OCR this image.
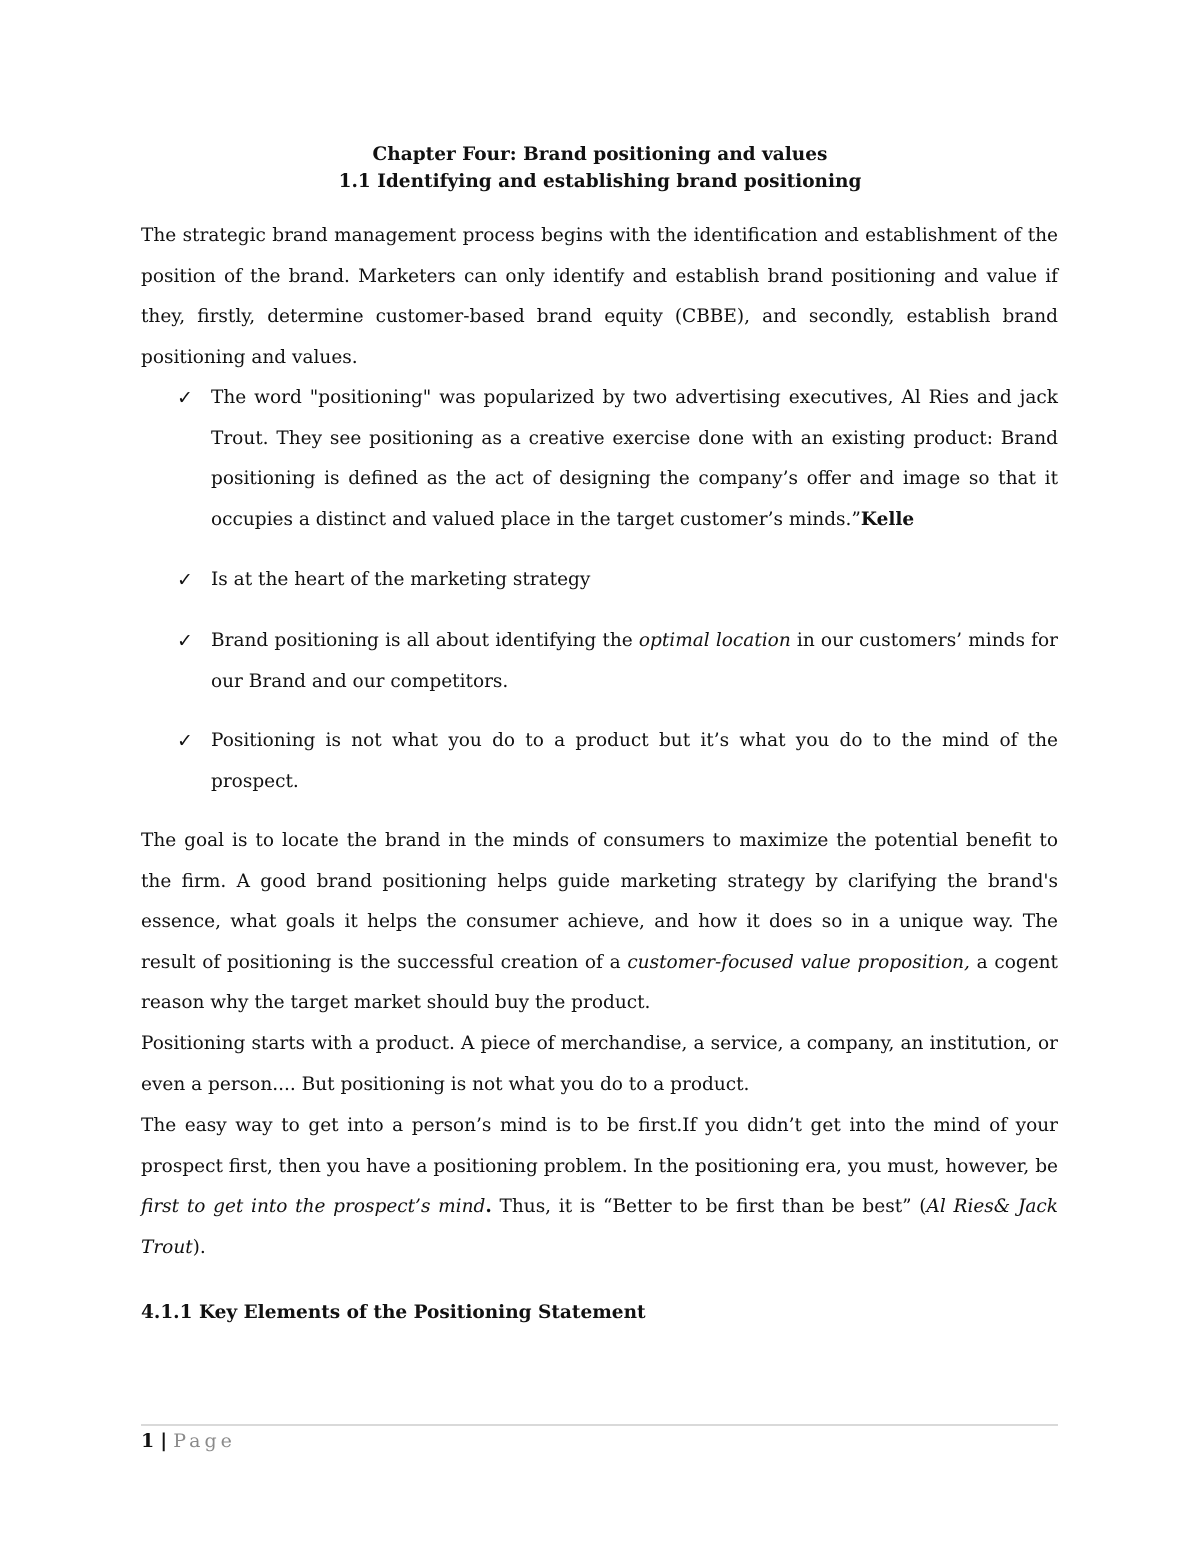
Chapter Four: Brand positioning and values
1.1 Identifying and establishing brand positioning
The strategic brand management process begins with the identification and establishment of the position of the brand. Marketers can only identify and establish brand positioning and value if they, firstly, determine customer-based brand equity (CBBE), and secondly, establish brand positioning and values.
✓ The word "positioning" was popularized by two advertising executives, Al Ries and jack Trout. They see positioning as a creative exercise done with an existing product: Brand positioning is defined as the act of designing the company’s offer and image so that it occupies a distinct and valued place in the target customer’s minds.”Kelle
✓ Is at the heart of the marketing strategy
✓ Brand positioning is all about identifying the optimal location in our customers’ minds for our Brand and our competitors.
✓ Positioning is not what you do to a product but it’s what you do to the mind of the prospect.
The goal is to locate the brand in the minds of consumers to maximize the potential benefit to the firm. A good brand positioning helps guide marketing strategy by clarifying the brand's essence, what goals it helps the consumer achieve, and how it does so in a unique way. The result of positioning is the successful creation of a customer-focused value proposition, a cogent reason why the target market should buy the product.
Positioning starts with a product. A piece of merchandise, a service, a company, an institution, or even a person.... But positioning is not what you do to a product.
The easy way to get into a person’s mind is to be first.If you didn’t get into the mind of your prospect first, then you have a positioning problem. In the positioning era, you must, however, be first to get into the prospect’s mind. Thus, it is “Better to be first than be best” (Al Ries& Jack Trout).
4.1.1 Key Elements of the Positioning Statement
1 | Page
